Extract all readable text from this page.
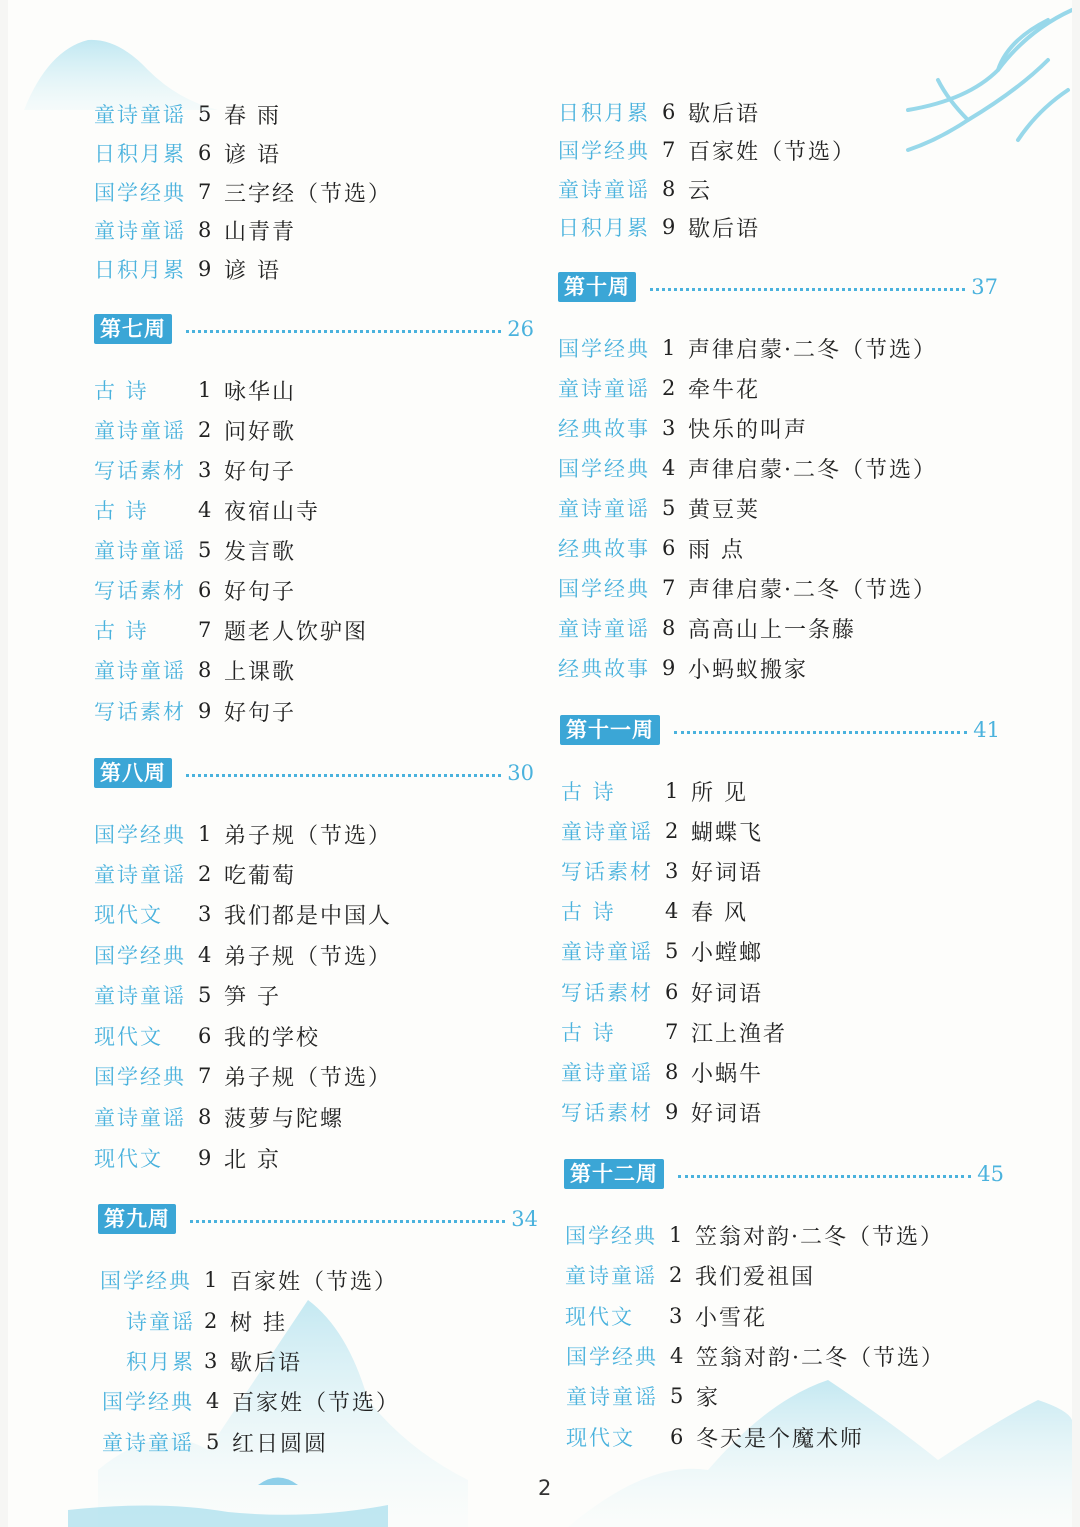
童诗童谣 5 春 雨
日积月累 6 谚 语
国学经典 7 三字经（节选）
童诗童谣 8 山青青
日积月累 9 谚 语
第七周	26
古 诗	1 咏华山
童诗童谣 2 问好歌
写话素材 3 好句子
古 诗	4 夜宿山寺
童诗童谣 5 发言歌
写话素材 6 好句子
古 诗	7 题老人饮驴图
童诗童谣 8 上课歌
写话素材 9 好句子
第八周	30
国学经典 1 弟子规（节选）
童诗童谣 2 吃葡萄
现代文	3 我们都是中国人
国学经典 4 弟子规（节选）
童诗童谣 5 笋 子
现代文	6 我的学校
国学经典 7 弟子规（节选）
童诗童谣 8 菠萝与陀螺
现代文	9 北 京
第九周	34
国学经典 1 百家姓（节选）
诗童谣 2 树 挂
积月累 3 歇后语
国学经典 4 百家姓（节选）
童诗童谣 5 红日圆圆
日积月累 6 歇后语
国学经典 7 百家姓（节选）
童诗童谣 8 云
日积月累 9 歇后语
第十周	37
国学经典 1 声律启蒙·二冬（节选）
童诗童谣 2 牵牛花
经典故事 3 快乐的叫声
国学经典 4 声律启蒙·二冬（节选）
童诗童谣 5 黄豆荚
经典故事 6 雨 点
国学经典 7 声律启蒙·二冬（节选）
童诗童谣 8 高高山上一条藤
经典故事 9 小蚂蚁搬家
第十一周	41
古 诗	1 所 见
童诗童谣 2 蝴蝶飞
写话素材 3 好词语
古 诗	4 春 风
童诗童谣 5 小螳螂
写话素材 6 好词语
古 诗	7 江上渔者
童诗童谣 8 小蜗牛
写话素材 9 好词语
第十二周	45
国学经典 1 笠翁对韵·二冬（节选）
童诗童谣 2 我们爱祖国
现代文	3 小雪花
国学经典 4 笠翁对韵·二冬（节选）
童诗童谣 5 家
现代文	6 冬天是个魔术师
2
